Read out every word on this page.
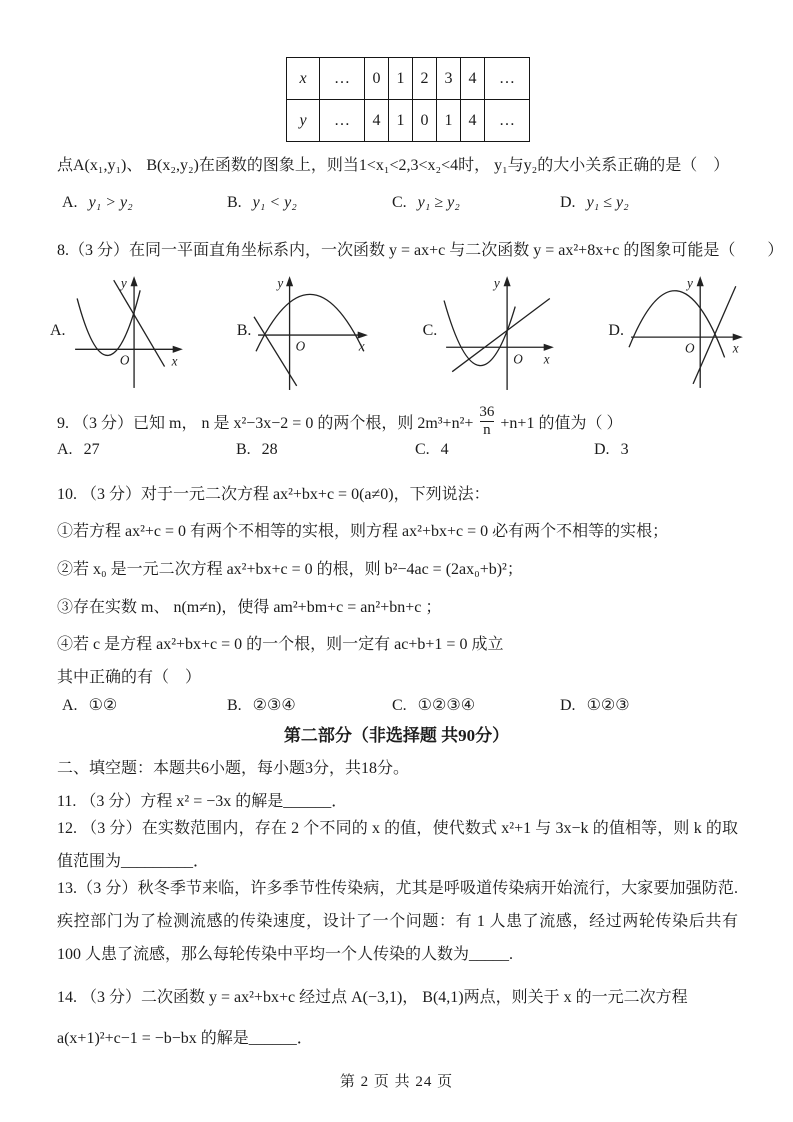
x	…	0	1	2	3	4	…
y	…	4	1	0	1	4	…
点A(x₁,y₁)、 B(x₂,y₂)在函数的图象上，则当1<x₁<2,3<x₂<4时， y₁与y₂的大小关系正确的是（　）
A. y₁ > y₂	B. y₁ < y₂	C. y₁ ≥ y₂	D. y₁ ≤ y₂
8.（3 分）在同一平面直角坐标系内，一次函数 y = ax+c 与二次函数 y = ax²+8x+c 的图象可能是（　　）
A.
y
x
O
B.
y
x
O
C.
y
x
O
D.
y
x
O
9. （3 分）已知 m， n 是 x²−3x−2 = 0 的两个根，则 $2m^3+n^2+ \frac{36}{n} +n+1$ 的值为（ ）
A. 27	B. 28	C. 4	D. 3
10. （3 分）对于一元二次方程 ax²+bx+c = 0(a≠0)，下列说法：
①若方程 ax²+c = 0 有两个不相等的实根，则方程 ax²+bx+c = 0 必有两个不相等的实根；
②若 x₀ 是一元二次方程 ax²+bx+c = 0 的根，则 b²−4ac = (2ax₀+b)²；
③存在实数 m、 n(m≠n)，使得 am²+bm+c = an²+bn+c ；
④若 c 是方程 ax²+bx+c = 0 的一个根，则一定有 ac+b+1 = 0 成立
其中正确的有（　）
A. ①②	B. ②③④	C. ①②③④	D. ①②③
第二部分（非选择题 共90分）
二、填空题：本题共6小题，每小题3分，共18分。
11. （3 分）方程 x² = −3x 的解是______．
12. （3 分）在实数范围内，存在 2 个不同的 x 的值，使代数式 x²+1 与 3x−k 的值相等，则 k 的取值范围为_________．
13.（3 分）秋冬季节来临，许多季节性传染病，尤其是呼吸道传染病开始流行，大家要加强防范.疾控部门为了检测流感的传染速度，设计了一个问题：有 1 人患了流感，经过两轮传染后共有 100 人患了流感，那么每轮传染中平均一个人传染的人数为_____.
14. （3 分）二次函数 y = ax²+bx+c 经过点 A(−3,1)， B(4,1)两点，则关于 x 的一元二次方程
a(x+1)²+c−1 = −b−bx 的解是______．
第 2 页 共 24 页
